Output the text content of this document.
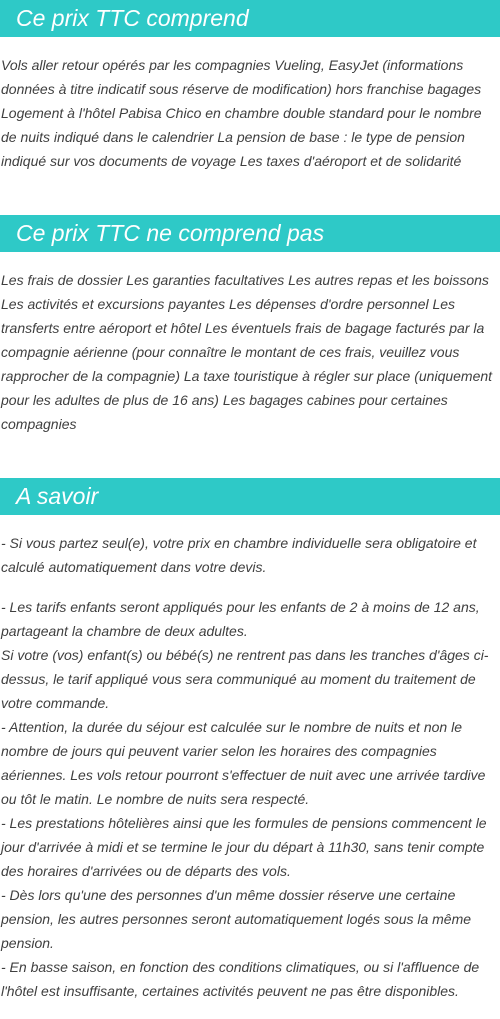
Ce prix TTC comprend

Vols aller retour opérés par les compagnies Vueling, EasyJet (informations données à titre indicatif sous réserve de modification) hors franchise bagages Logement à l'hôtel Pabisa Chico en chambre double standard pour le nombre de nuits indiqué dans le calendrier La pension de base : le type de pension indiqué sur vos documents de voyage Les taxes d'aéroport et de solidarité

Ce prix TTC ne comprend pas

Les frais de dossier Les garanties facultatives Les autres repas et les boissons Les activités et excursions payantes Les dépenses d'ordre personnel Les transferts entre aéroport et hôtel Les éventuels frais de bagage facturés par la compagnie aérienne (pour connaître le montant de ces frais, veuillez vous rapprocher de la compagnie) La taxe touristique à régler sur place (uniquement pour les adultes de plus de 16 ans) Les bagages cabines pour certaines compagnies

A savoir

- Si vous partez seul(e), votre prix en chambre individuelle sera obligatoire et calculé automatiquement dans votre devis.

- Les tarifs enfants seront appliqués pour les enfants de 2 à moins de 12 ans, partageant la chambre de deux adultes.

Si votre (vos) enfant(s) ou bébé(s) ne rentrent pas dans les tranches d'âges ci-dessus, le tarif appliqué vous sera communiqué au moment du traitement de votre commande.

- Attention, la durée du séjour est calculée sur le nombre de nuits et non le nombre de jours qui peuvent varier selon les horaires des compagnies aériennes. Les vols retour pourront s'effectuer de nuit avec une arrivée tardive ou tôt le matin. Le nombre de nuits sera respecté.

- Les prestations hôtelières ainsi que les formules de pensions commencent le jour d'arrivée à midi et se termine le jour du départ à 11h30, sans tenir compte des horaires d'arrivées ou de départs des vols.

- Dès lors qu'une des personnes d'un même dossier réserve une certaine pension, les autres personnes seront automatiquement logés sous la même pension.

- En basse saison, en fonction des conditions climatiques, ou si l'affluence de l'hôtel est insuffisante, certaines activités peuvent ne pas être disponibles.
